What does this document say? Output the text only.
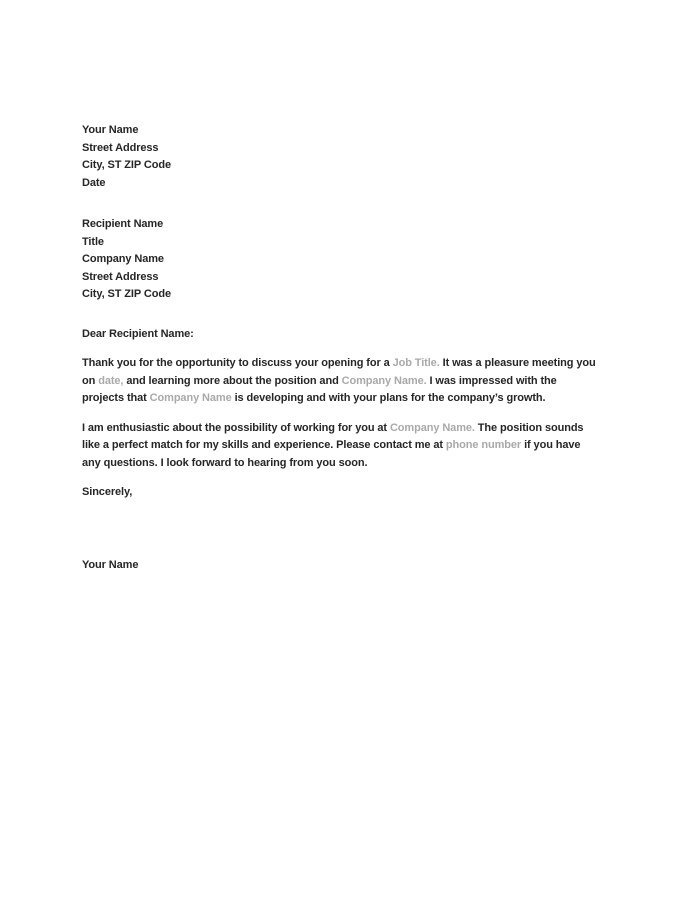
Your Name

Street Address

City, ST ZIP Code

Date

Recipient Name

Title

Company Name

Street Address

City, ST ZIP Code

Dear Recipient Name:

Thank you for the opportunity to discuss your opening for a Job Title. It was a pleasure meeting you
on date, and learning more about the position and Company Name. I was impressed with the
projects that Company Name is developing and with your plans for the company’s growth.

I am enthusiastic about the possibility of working for you at Company Name. The position sounds
like a perfect match for my skills and experience. Please contact me at phone number if you have
any questions. I look forward to hearing from you soon.

Sincerely,

Your Name
